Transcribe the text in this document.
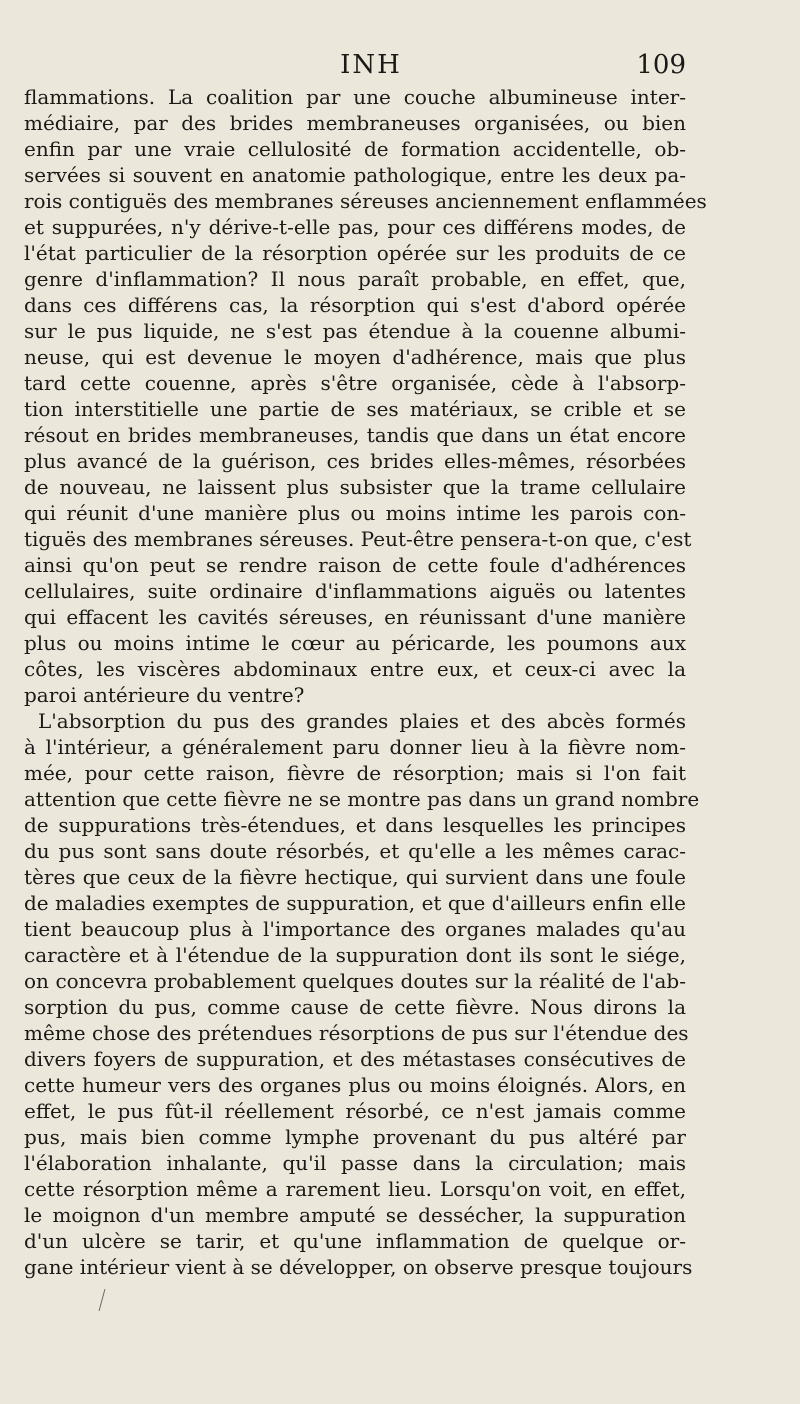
INH	109
flammations. La coalition par une couche albumineuse inter-
médiaire, par des brides membraneuses organisées, ou bien
enfin par une vraie cellulosité de formation accidentelle, ob-
servées si souvent en anatomie pathologique, entre les deux pa-
rois contiguës des membranes séreuses anciennement enflammées
et suppurées, n'y dérive-t-elle pas, pour ces différens modes, de
l'état particulier de la résorption opérée sur les produits de ce
genre d'inflammation? Il nous paraît probable, en effet, que,
dans ces différens cas, la résorption qui s'est d'abord opérée
sur le pus liquide, ne s'est pas étendue à la couenne albumi-
neuse, qui est devenue le moyen d'adhérence, mais que plus
tard cette couenne, après s'être organisée, cède à l'absorp-
tion interstitielle une partie de ses matériaux, se crible et se
résout en brides membraneuses, tandis que dans un état encore
plus avancé de la guérison, ces brides elles-mêmes, résorbées
de nouveau, ne laissent plus subsister que la trame cellulaire
qui réunit d'une manière plus ou moins intime les parois con-
tiguës des membranes séreuses. Peut-être pensera-t-on que, c'est
ainsi qu'on peut se rendre raison de cette foule d'adhérences
cellulaires, suite ordinaire d'inflammations aiguës ou latentes
qui effacent les cavités séreuses, en réunissant d'une manière
plus ou moins intime le cœur au péricarde, les poumons aux
côtes, les viscères abdominaux entre eux, et ceux-ci avec la
paroi antérieure du ventre?
L'absorption du pus des grandes plaies et des abcès formés
à l'intérieur, a généralement paru donner lieu à la fièvre nom-
mée, pour cette raison, fièvre de résorption; mais si l'on fait
attention que cette fièvre ne se montre pas dans un grand nombre
de suppurations très-étendues, et dans lesquelles les principes
du pus sont sans doute résorbés, et qu'elle a les mêmes carac-
tères que ceux de la fièvre hectique, qui survient dans une foule
de maladies exemptes de suppuration, et que d'ailleurs enfin elle
tient beaucoup plus à l'importance des organes malades qu'au
caractère et à l'étendue de la suppuration dont ils sont le siége,
on concevra probablement quelques doutes sur la réalité de l'ab-
sorption du pus, comme cause de cette fièvre. Nous dirons la
même chose des prétendues résorptions de pus sur l'étendue des
divers foyers de suppuration, et des métastases consécutives de
cette humeur vers des organes plus ou moins éloignés. Alors, en
effet, le pus fût-il réellement résorbé, ce n'est jamais comme
pus, mais bien comme lymphe provenant du pus altéré par
l'élaboration inhalante, qu'il passe dans la circulation; mais
cette résorption même a rarement lieu. Lorsqu'on voit, en effet,
le moignon d'un membre amputé se dessécher, la suppuration
d'un ulcère se tarir, et qu'une inflammation de quelque or-
gane intérieur vient à se développer, on observe presque toujours
